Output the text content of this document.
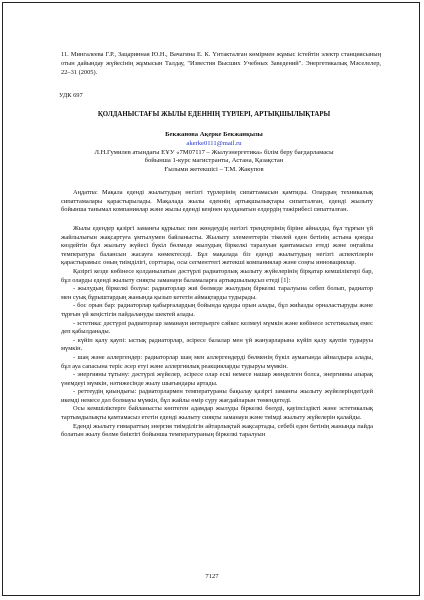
11. Мингалеева Г.Р., Зацаринная Ю.Н., Вачагина Е. К. Үнтакталған көмірмен жұмыс істейтін электр станциясының отын дайындау жүйесінің жұмысын Талдау, "Известия Высших Учебных Заведений". Энергетикалық Мәселелер, 22–31 (2005).

УДК 697
ҚОЛДАНЫСТАҒЫ ЖЫЛЫ ЕДЕННІҢ ТҮРЛЕРІ, АРТЫҚШЫЛЫҚТАРЫ
Бекжанова Ақерке Бекжанқызы
akerke0111@mail.ru
Л.Н.Гумилев атындағы ЕҰУ «7М07117 – Жылуэнергетика» білім беру бағдарламасы
бойынша 1-курс магистранты, Астана, Қазақстан
Ғылыми жетекшісі – Т.М. Жакупов

Аңдатпа: Мақала еденді жылытудың негізгі түрлерінің сипаттамасын қамтиды. Олардың техникалық сипаттамалары қарастырылады. Мақалада жылы еденнің артықшылықтары сипатталған, еденді жылыту бойынша танымал компаниялар және жылы еденді кеңінен қолданатын елдердің тәжірибесі сипатталған.

Жылы едендер қазіргі заманғы құрылыс пен жөндеудің негізгі трендтерінің біріне айналды, бұл тұрғын үй жайлылығын жақсартуға ұмтылумен байланысты. Жылыту элементтерін тікелей еден бетінің астына қоюды көздейтін бұл жылыту жүйесі бүкіл бөлмеде жылудың біркелкі таралуын қамтамасыз етеді және оңтайлы температура балансын жасауға көмектеседі. Бұл мақалада біз еденді жылытудың негізгі аспектілерін қарастырамыз: оның тиімділігі, сорттары, осы сегменттегі жетекші компаниялар және соңғы инновациялар.

Қазіргі кезде көбінесе қолданылатын дәстүрлі радиаторлық жылыту жүйелерінің бірқатар кемшіліктері бар, бұл оларды еденді жылыту сияқты заманауи баламаларға артықшылықсыз етеді [1]:

- жылудың біркелкі болуы: радиаторлар жиі бөлмеде жылудың біркелкі таралуына себеп болып, радиатор мен суық бұрыштардың жанында қызып кететін аймақтарды тудырады.

- бос орын бар: радиаторлар қабырғалардың бойында құнды орын алады, бұл жиһазды орналастыруды және тұрғын үй кеңістігін пайдалануды шектей алады.

- эстетика: дәстүрлі радиаторлар заманауи интерьерге сәйкес келмеуі мүмкін және көбінесе эстетикалық емес деп қабылданады.

- күйіп қалу қаупі: ыстық радиаторлар, әсіресе балалар мен үй жануарларына күйіп қалу қаупін тудыруы мүмкін.

- шаң және аллергендер: радиаторлар шаң мен аллергендерді бөлменің бүкіл аумағында айналдыра алады, бұл ауа сапасына теріс әсер етуі және аллергиялық реакцияларды тудыруы мүмкін.

- энергияны тұтыну: дәстүрлі жүйелер, әсіресе олар ескі немесе нашар жөнделген болса, энергияны азырақ үнемдеуі мүмкін, нәтижесінде жылу шығындары артады.

- реттеудің қиындығы: радиаторлармен температураны бақылау қазіргі заманғы жылыту жүйелеріндегідей икемді немесе дәл болмауы мүмкін, бұл жайлы өмір сүру жағдайларын төмендетеді.

Осы кемшіліктерге байланысты көптеген адамдар жылуды біркелкі бөлуді, қауіпсіздікті және эстетикалық тартымдылықты қамтамасыз ететін еденді жылыту сияқты заманауи және тиімді жылыту жүйелерін қалайды.

Еденді жылыту ғимараттың энергия тиімділігін айтарлықтай жақсартады, себебі еден бетінің жанында пайда болатын жылу бөлме биіктігі бойынша температураның біркелкі таралуын

7127
